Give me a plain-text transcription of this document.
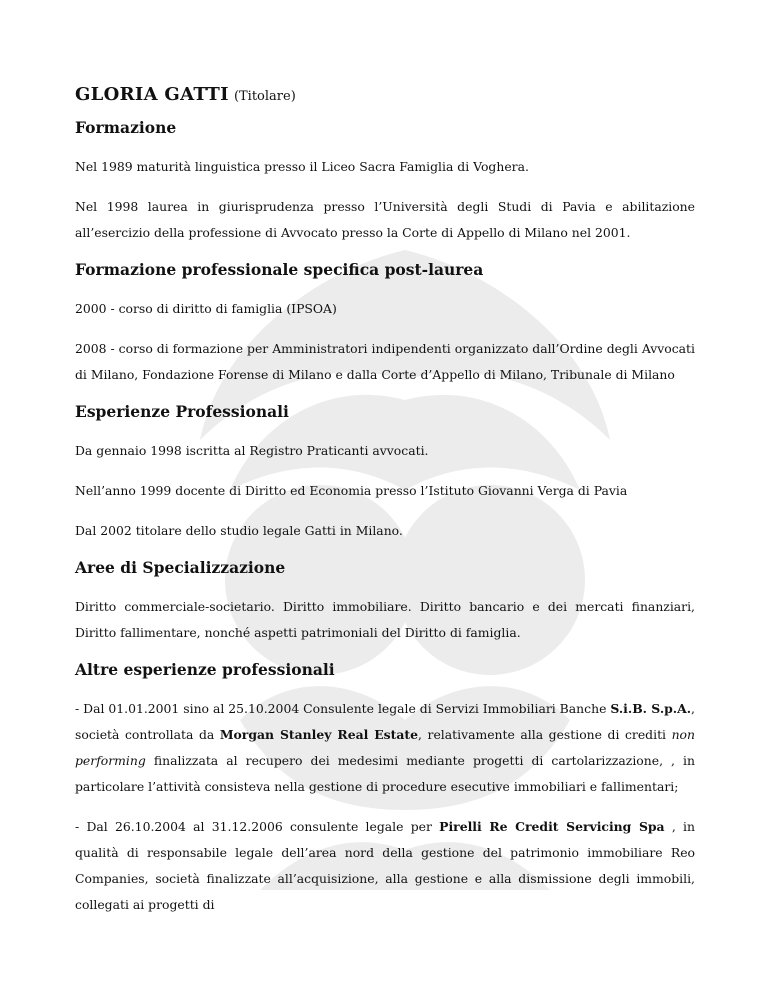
GLORIA GATTI (Titolare)
Formazione

Nel 1989 maturità linguistica presso il Liceo Sacra Famiglia di Voghera.

Nel 1998 laurea in giurisprudenza presso l’Università degli Studi di Pavia e abilitazione all’esercizio della professione di Avvocato presso la Corte di Appello di Milano nel 2001.

Formazione professionale specifica post-laurea

2000 - corso di diritto di famiglia (IPSOA)

2008 - corso di formazione per Amministratori indipendenti organizzato dall’Ordine degli Avvocati di Milano, Fondazione Forense di Milano e dalla Corte d’Appello di Milano, Tribunale di Milano

Esperienze Professionali

Da gennaio 1998 iscritta al Registro Praticanti avvocati.

Nell’anno 1999 docente di Diritto ed Economia presso l’Istituto Giovanni Verga di Pavia

Dal 2002 titolare dello studio legale Gatti in Milano.

Aree di Specializzazione

Diritto commerciale-societario. Diritto immobiliare. Diritto bancario e dei mercati finanziari, Diritto fallimentare, nonché aspetti patrimoniali del Diritto di famiglia.

Altre esperienze professionali

- Dal 01.01.2001 sino al 25.10.2004 Consulente legale di Servizi Immobiliari Banche S.i.B. S.p.A., società controllata da Morgan Stanley Real Estate, relativamente alla gestione di crediti non performing finalizzata al recupero dei medesimi mediante progetti di cartolarizzazione, , in particolare l’attività consisteva nella gestione di procedure esecutive immobiliari e fallimentari;

- Dal 26.10.2004 al 31.12.2006 consulente legale per Pirelli Re Credit Servicing Spa , in qualità di responsabile legale dell’area nord della gestione del patrimonio immobiliare Reo Companies, società finalizzate all’acquisizione, alla gestione e alla dismissione degli immobili, collegati ai progetti di
